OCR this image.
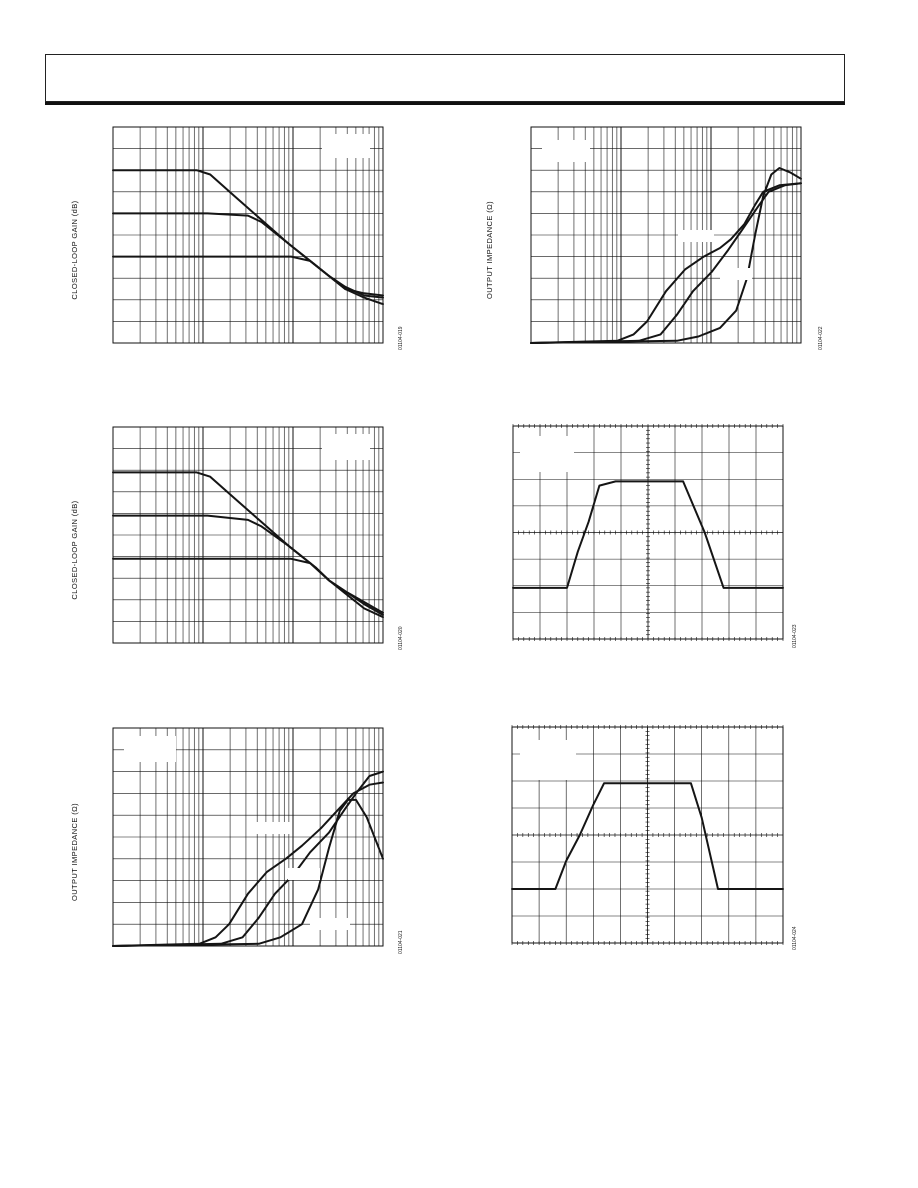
CLOSED-LOOP GAIN (dB)
01104-019
OUTPUT IMPEDANCE (Ω)
01104-022
CLOSED-LOOP GAIN (dB)
01104-020	01104-023
OUTPUT IMPEDANCE (Ω)
01104-021	01104-024
